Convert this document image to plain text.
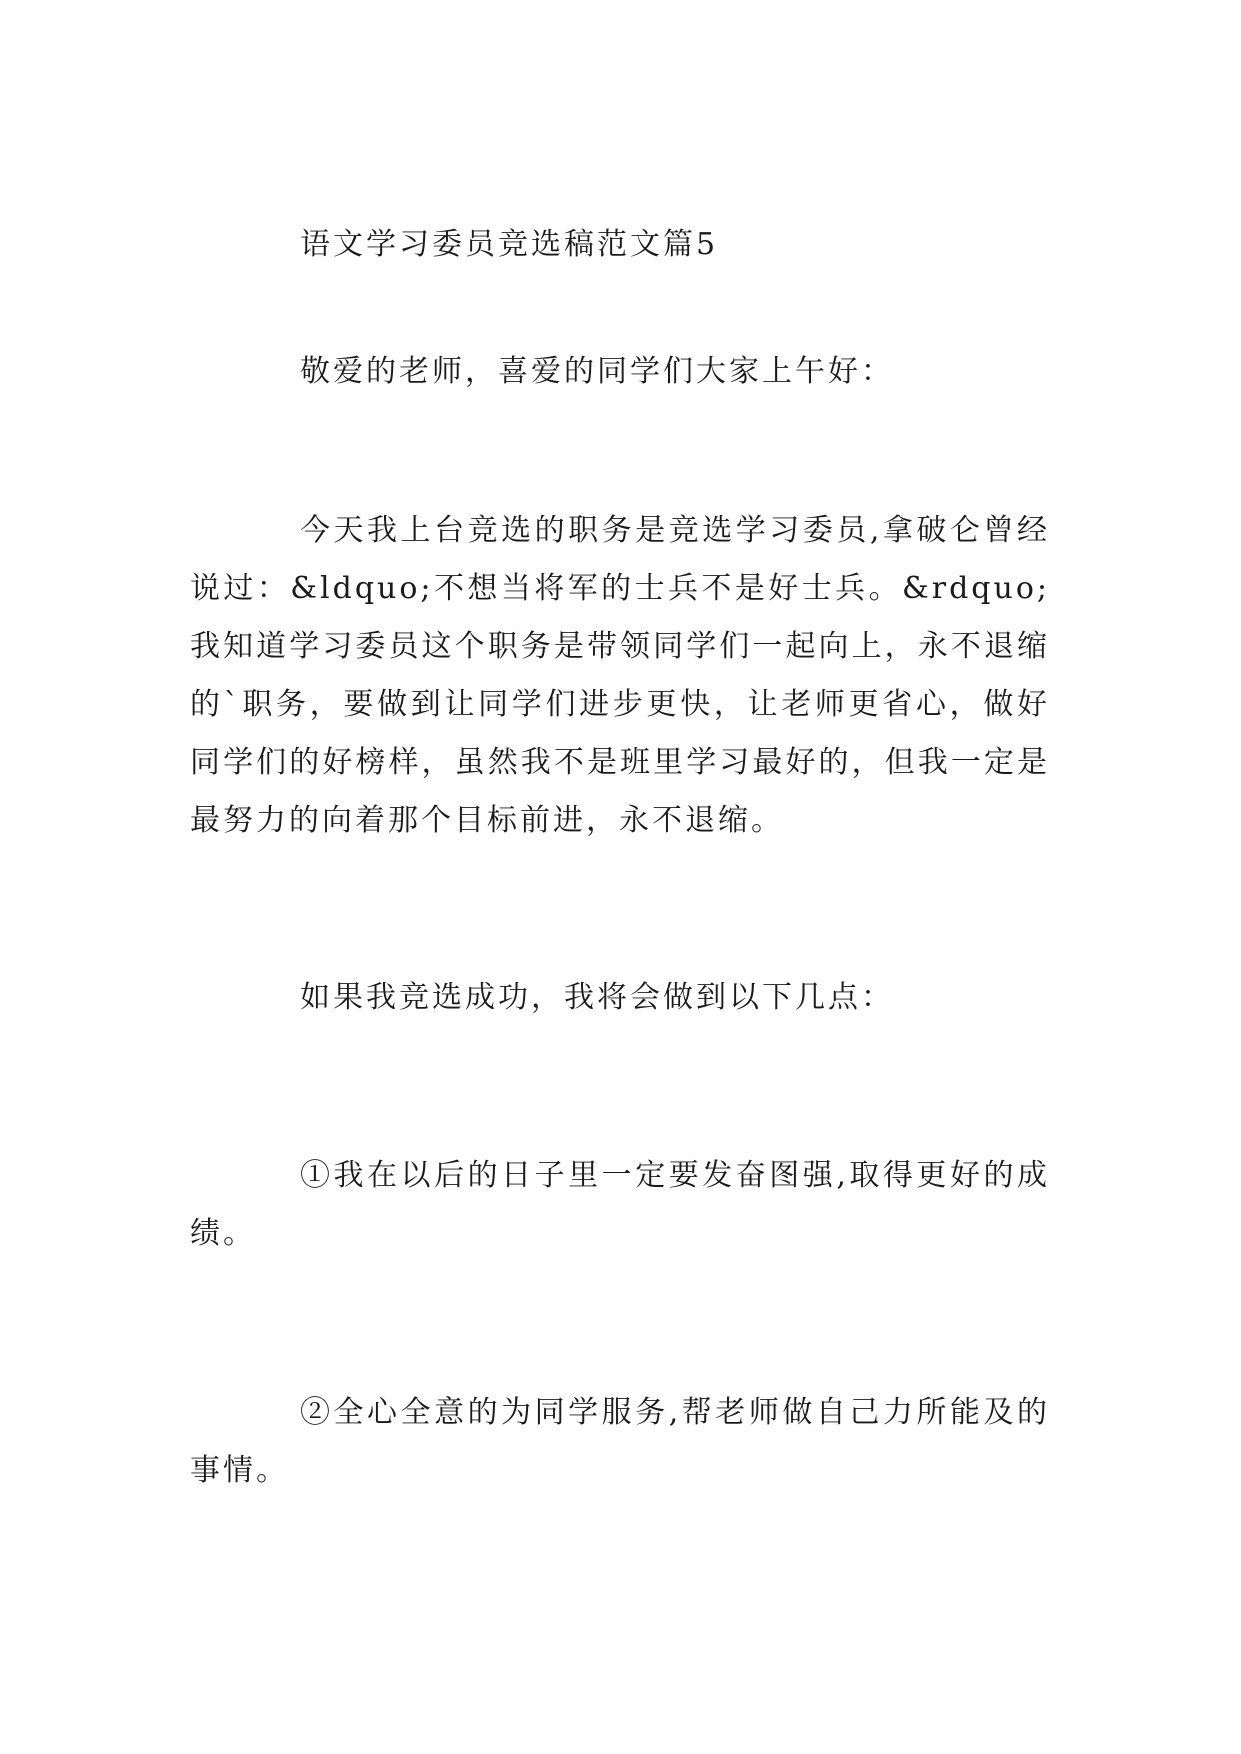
语文学习委员竞选稿范文篇5

敬爱的老师，喜爱的同学们大家上午好：

今天我上台竞选的职务是竞选学习委员,拿破仑曾经说过：&ldquo;不想当将军的士兵不是好士兵。&rdquo;我知道学习委员这个职务是带领同学们一起向上，永不退缩的`职务，要做到让同学们进步更快，让老师更省心，做好同学们的好榜样，虽然我不是班里学习最好的，但我一定是最努力的向着那个目标前进，永不退缩。

如果我竞选成功，我将会做到以下几点：

①我在以后的日子里一定要发奋图强,取得更好的成绩。

②全心全意的为同学服务,帮老师做自己力所能及的事情。
